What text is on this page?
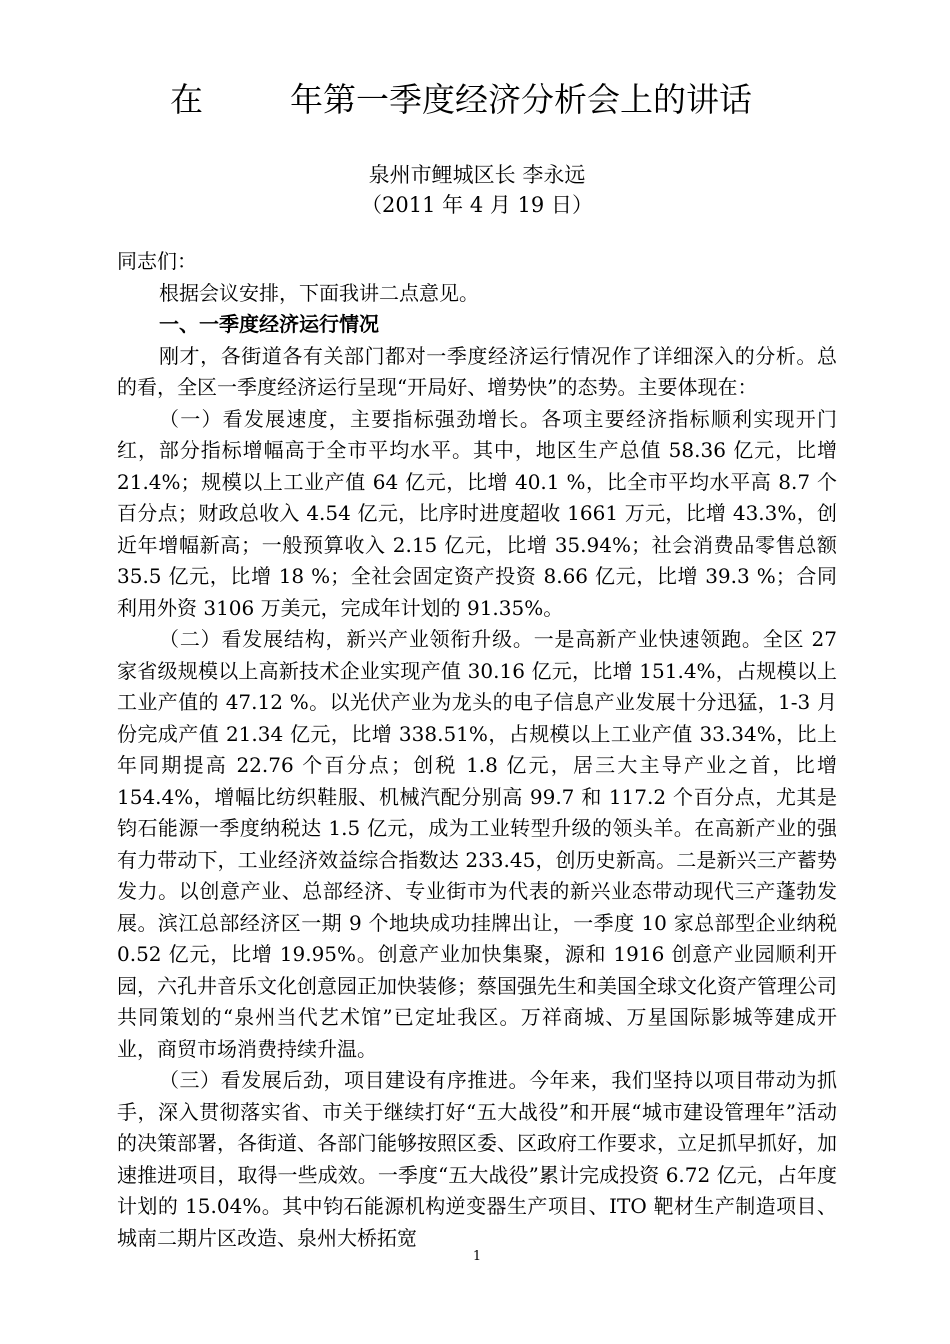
在	年第一季度经济分析会上的讲话
泉州市鲤城区长 李永远
（2011 年 4 月 19 日）

同志们：

根据会议安排，下面我讲二点意见。

一、一季度经济运行情况

刚才，各街道各有关部门都对一季度经济运行情况作了详细深入的分析。总的看，全区一季度经济运行呈现“开局好、增势快”的态势。主要体现在：

（一）看发展速度，主要指标强劲增长。各项主要经济指标顺利实现开门红，部分指标增幅高于全市平均水平。其中，地区生产总值 58.36 亿元，比增 21.4%；规模以上工业产值 64 亿元，比增 40.1 %，比全市平均水平高 8.7 个百分点；财政总收入 4.54 亿元，比序时进度超收 1661 万元，比增 43.3%，创近年增幅新高；一般预算收入 2.15 亿元，比增 35.94%；社会消费品零售总额 35.5 亿元，比增 18 %；全社会固定资产投资 8.66 亿元，比增 39.3 %；合同利用外资 3106 万美元，完成年计划的 91.35%。

（二）看发展结构，新兴产业领衔升级。一是高新产业快速领跑。全区 27 家省级规模以上高新技术企业实现产值 30.16 亿元，比增 151.4%，占规模以上工业产值的 47.12 %。以光伏产业为龙头的电子信息产业发展十分迅猛，1-3 月份完成产值 21.34 亿元，比增 338.51%，占规模以上工业产值 33.34%，比上年同期提高 22.76 个百分点；创税 1.8 亿元，居三大主导产业之首，比增 154.4%，增幅比纺织鞋服、机械汽配分别高 99.7 和 117.2 个百分点，尤其是钧石能源一季度纳税达 1.5 亿元，成为工业转型升级的领头羊。在高新产业的强有力带动下，工业经济效益综合指数达 233.45，创历史新高。二是新兴三产蓄势发力。以创意产业、总部经济、专业街市为代表的新兴业态带动现代三产蓬勃发展。滨江总部经济区一期 9 个地块成功挂牌出让，一季度 10 家总部型企业纳税 0.52 亿元，比增 19.95%。创意产业加快集聚，源和 1916 创意产业园顺利开园，六孔井音乐文化创意园正加快装修；蔡国强先生和美国全球文化资产管理公司共同策划的“泉州当代艺术馆”已定址我区。万祥商城、万星国际影城等建成开业，商贸市场消费持续升温。

（三）看发展后劲，项目建设有序推进。今年来，我们坚持以项目带动为抓手，深入贯彻落实省、市关于继续打好“五大战役”和开展“城市建设管理年”活动的决策部署，各街道、各部门能够按照区委、区政府工作要求，立足抓早抓好，加速推进项目，取得一些成效。一季度“五大战役”累计完成投资 6.72 亿元，占年度计划的 15.04%。其中钧石能源机构逆变器生产项目、ITO 靶材生产制造项目、城南二期片区改造、泉州大桥拓宽

1
